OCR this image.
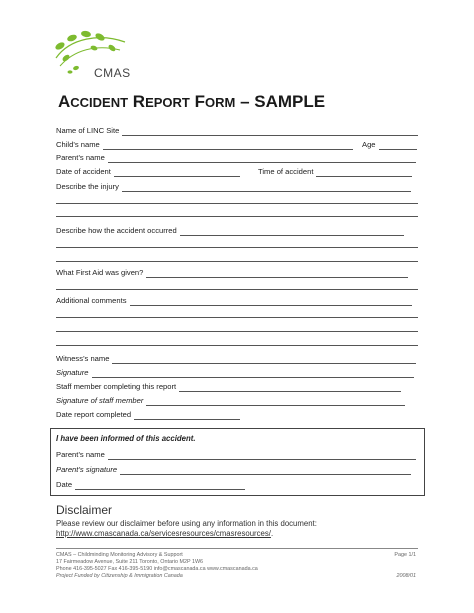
CMAS
ACCIDENT REPORT FORM – SAMPLE
Name of LINC Site
Child’s name	Age
Parent’s name
Date of accident	Time of accident
Describe the injury
Describe how the accident occurred
What First Aid was given?
Additional comments
Witness’s name
Signature
Staff member completing this report
Signature of staff member
Date report completed
I have been informed of this accident.
Parent’s name
Parent’s signature
Date
Disclaimer
Please review our disclaimer before using any information in this document:
http://www.cmascanada.ca/servicesresources/cmasresources/.
CMAS – Childminding Monitoring Advisory & Support	Page 1/1
17 Fairmeadow Avenue, Suite 211 Toronto, Ontario M2P 1W6
Phone 416-395-5027 Fax 416-395-5190 info@cmascanada.ca www.cmascanada.ca
Project Funded by Citizenship & Immigration Canada	2008/01
